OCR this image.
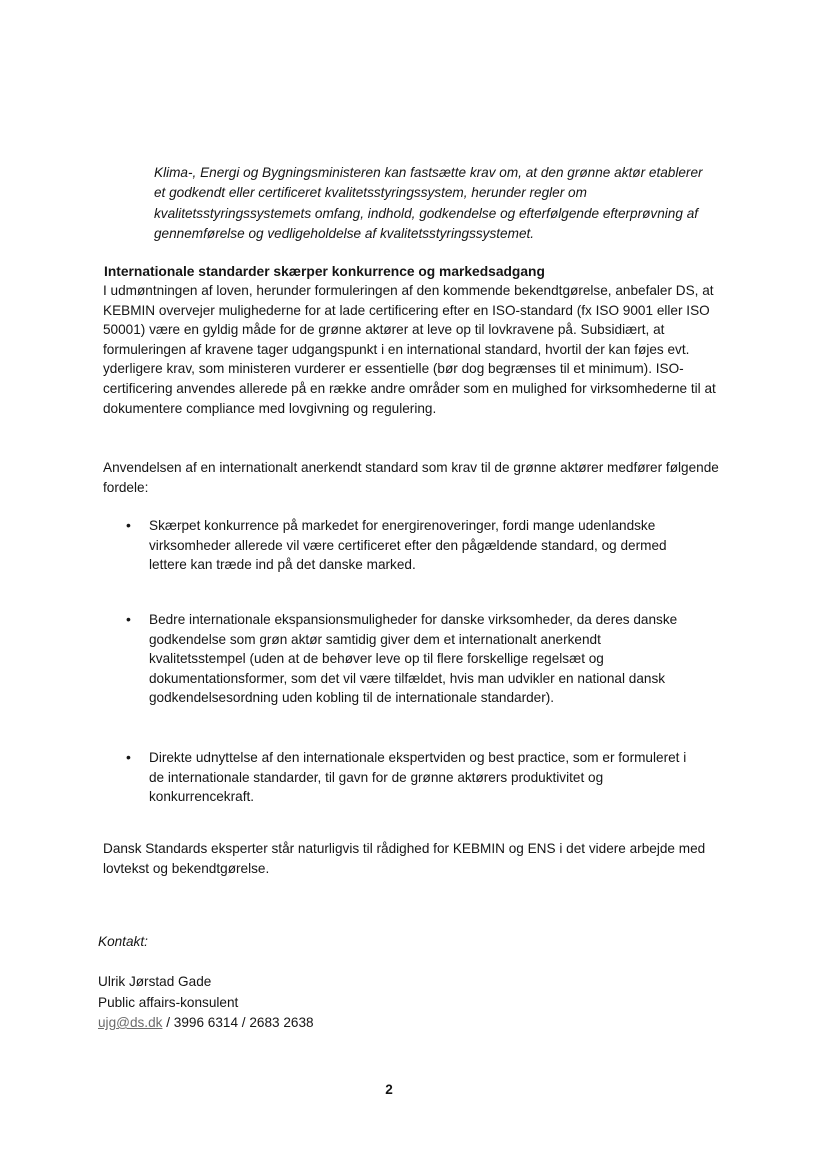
Klima-, Energi og Bygningsministeren kan fastsætte krav om, at den grønne aktør etablerer et godkendt eller certificeret kvalitetsstyringssystem, herunder regler om kvalitetsstyringssystemets omfang, indhold, godkendelse og efterfølgende efterprøvning af gennemførelse og vedligeholdelse af kvalitetsstyringssystemet.
Internationale standarder skærper konkurrence og markedsadgang
I udmøntningen af loven, herunder formuleringen af den kommende bekendtgørelse, anbefaler DS, at KEBMIN overvejer mulighederne for at lade certificering efter en ISO-standard (fx ISO 9001 eller ISO 50001) være en gyldig måde for de grønne aktører at leve op til lovkravene på. Subsidiært, at formuleringen af kravene tager udgangspunkt i en international standard, hvortil der kan føjes evt. yderligere krav, som ministeren vurderer er essentielle (bør dog begrænses til et minimum). ISO-certificering anvendes allerede på en række andre områder som en mulighed for virksomhederne til at dokumentere compliance med lovgivning og regulering.
Anvendelsen af en internationalt anerkendt standard som krav til de grønne aktører medfører følgende fordele:
• Skærpet konkurrence på markedet for energirenoveringer, fordi mange udenlandske virksomheder allerede vil være certificeret efter den pågældende standard, og dermed lettere kan træde ind på det danske marked.
• Bedre internationale ekspansionsmuligheder for danske virksomheder, da deres danske godkendelse som grøn aktør samtidig giver dem et internationalt anerkendt kvalitetsstempel (uden at de behøver leve op til flere forskellige regelsæt og dokumentationsformer, som det vil være tilfældet, hvis man udvikler en national dansk godkendelsesordning uden kobling til de internationale standarder).
• Direkte udnyttelse af den internationale ekspertviden og best practice, som er formuleret i de internationale standarder, til gavn for de grønne aktørers produktivitet og konkurrencekraft.
Dansk Standards eksperter står naturligvis til rådighed for KEBMIN og ENS i det videre arbejde med lovtekst og bekendtgørelse.
Kontakt:
Ulrik Jørstad Gade
Public affairs-konsulent
ujg@ds.dk / 3996 6314 / 2683 2638
2
